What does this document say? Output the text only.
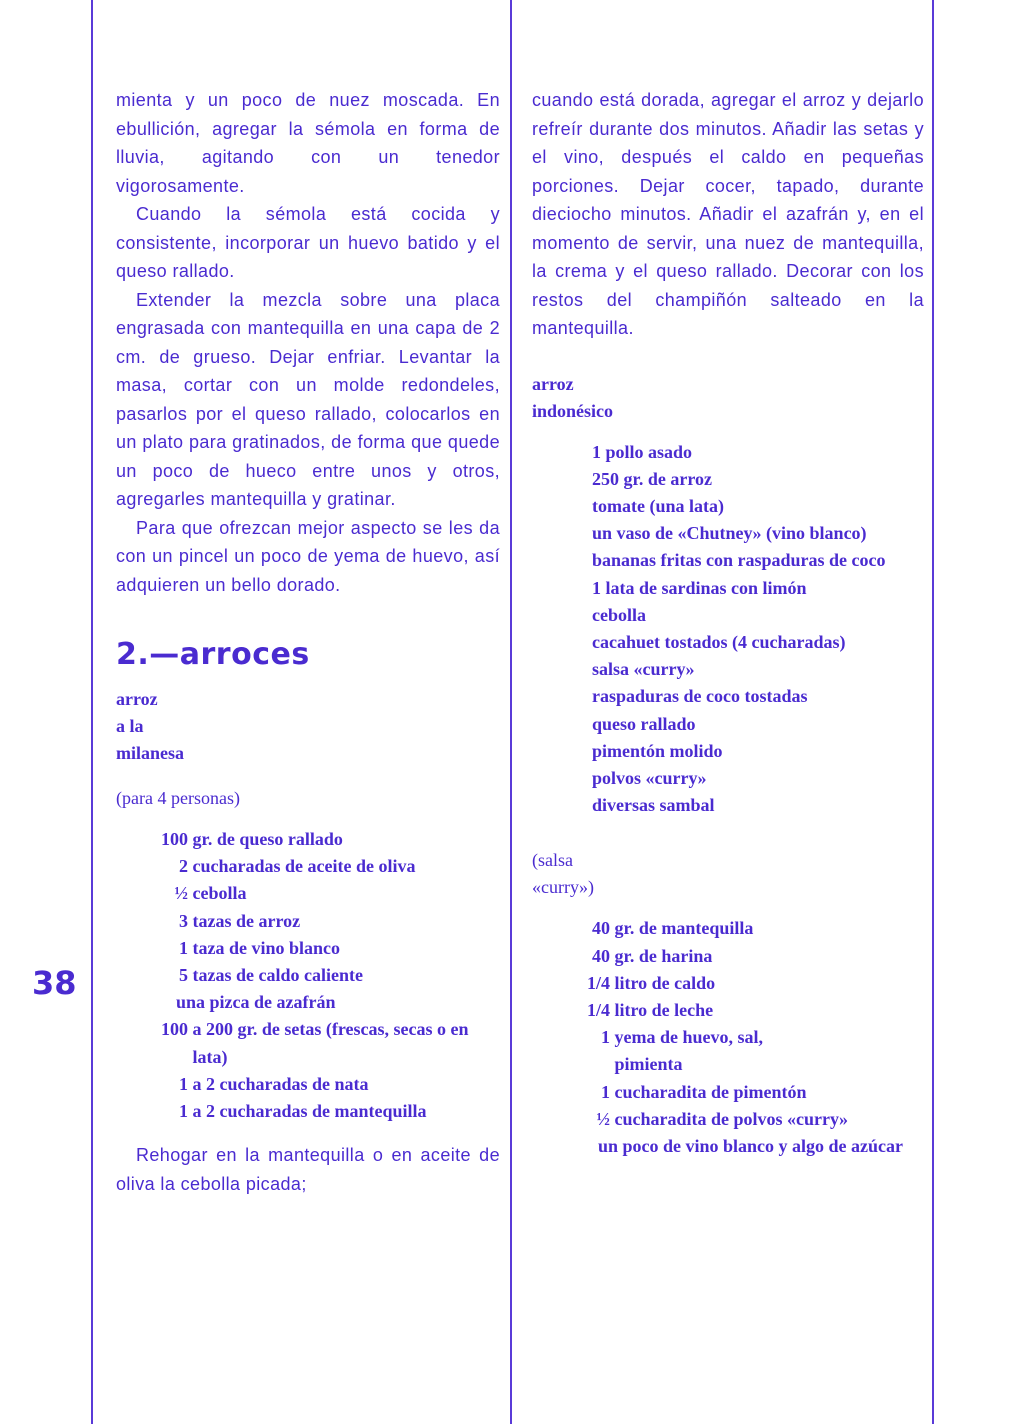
38

mienta y un poco de nuez moscada. En ebullición, agregar la sémola en forma de lluvia, agitando con un tenedor vigorosamente.

Cuando la sémola está cocida y consistente, incorporar un huevo batido y el queso rallado.

Extender la mezcla sobre una placa engrasada con mantequilla en una capa de 2 cm. de grueso. Dejar enfriar. Levantar la masa, cortar con un molde redondeles, pasarlos por el queso rallado, colocarlos en un plato para gratinados, de forma que quede un poco de hueco entre unos y otros, agregarles mantequilla y gratinar.

Para que ofrezcan mejor aspecto se les da con un pincel un poco de yema de huevo, así adquieren un bello dorado.

2.—arroces
arroz
a la
milanesa
(para 4 personas)
100 gr. de queso rallado
2 cucharadas de aceite de oliva
½ cebolla
3 tazas de arroz
1 taza de vino blanco
5 tazas de caldo caliente
una pizca de azafrán
100 a 200 gr. de setas (frescas, secas o en lata)
1 a 2 cucharadas de nata
1 a 2 cucharadas de mantequilla

Rehogar en la mantequilla o en aceite de oliva la cebolla picada;

cuando está dorada, agregar el arroz y dejarlo refreír durante dos minutos. Añadir las setas y el vino, después el caldo en pequeñas porciones. Dejar cocer, tapado, durante dieciocho minutos. Añadir el azafrán y, en el momento de servir, una nuez de mantequilla, la crema y el queso rallado. Decorar con los restos del champiñón salteado en la mantequilla.

arroz
indonésico
1 pollo asado
250 gr. de arroz
tomate (una lata)
un vaso de «Chutney» (vino blanco)
bananas fritas con raspaduras de coco
1 lata de sardinas con limón
cebolla
cacahuet tostados (4 cucharadas)
salsa «curry»
raspaduras de coco tostadas
queso rallado
pimentón molido
polvos «curry»
diversas sambal
(salsa
«curry»)
40 gr. de mantequilla
40 gr. de harina
1/4 litro de caldo
1/4 litro de leche
1 yema de huevo, sal, pimienta
1 cucharadita de pimentón
½ cucharadita de polvos «curry»
un poco de vino blanco y algo de azúcar
